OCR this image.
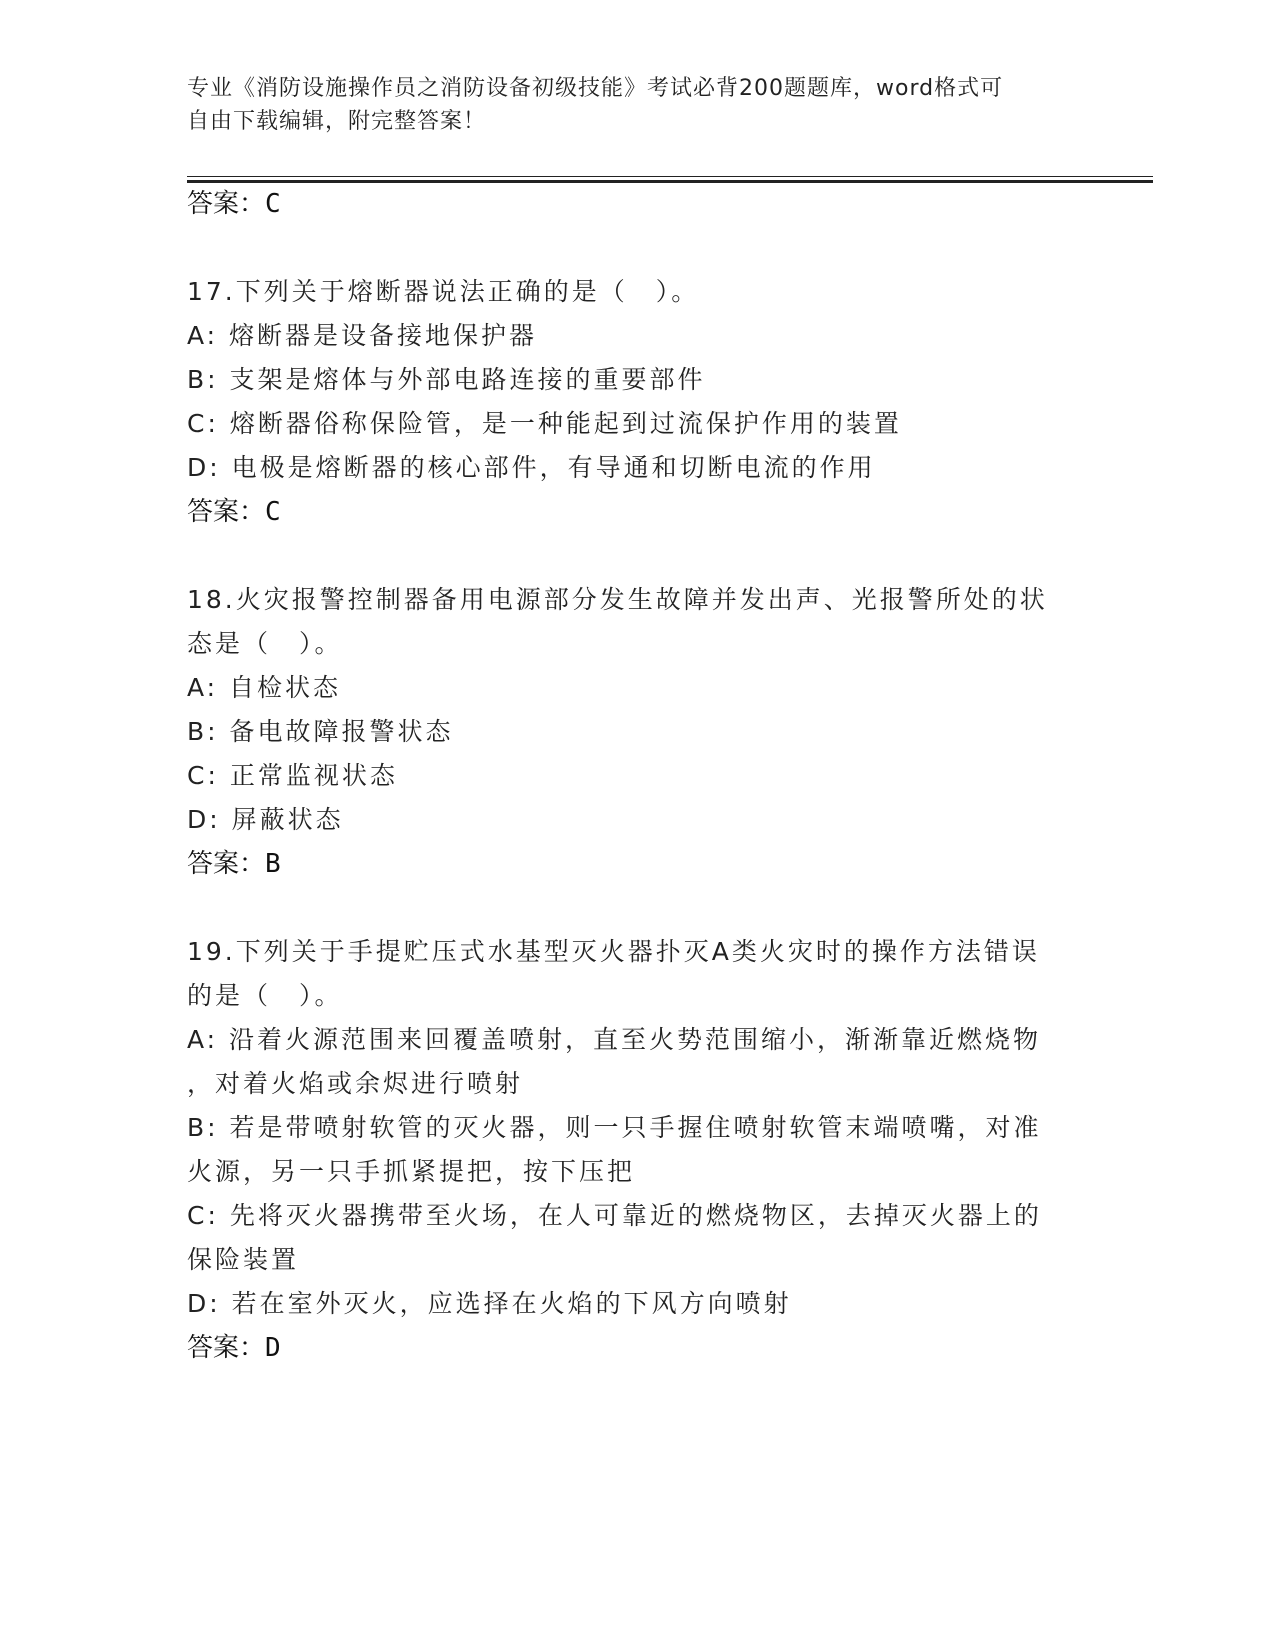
专业《消防设施操作员之消防设备初级技能》考试必背200题题库，word格式可
自由下载编辑，附完整答案！
答案：C
17.下列关于熔断器说法正确的是（　）。
A: 熔断器是设备接地保护器
B: 支架是熔体与外部电路连接的重要部件
C: 熔断器俗称保险管，是一种能起到过流保护作用的装置
D: 电极是熔断器的核心部件，有导通和切断电流的作用
答案：C
18.火灾报警控制器备用电源部分发生故障并发出声、光报警所处的状
态是（　）。
A: 自检状态
B: 备电故障报警状态
C: 正常监视状态
D: 屏蔽状态
答案：B
19.下列关于手提贮压式水基型灭火器扑灭A类火灾时的操作方法错误
的是（　）。
A: 沿着火源范围来回覆盖喷射，直至火势范围缩小，渐渐靠近燃烧物
，对着火焰或余烬进行喷射
B: 若是带喷射软管的灭火器，则一只手握住喷射软管末端喷嘴，对准
火源，另一只手抓紧提把，按下压把
C: 先将灭火器携带至火场，在人可靠近的燃烧物区，去掉灭火器上的
保险装置
D: 若在室外灭火，应选择在火焰的下风方向喷射
答案：D
